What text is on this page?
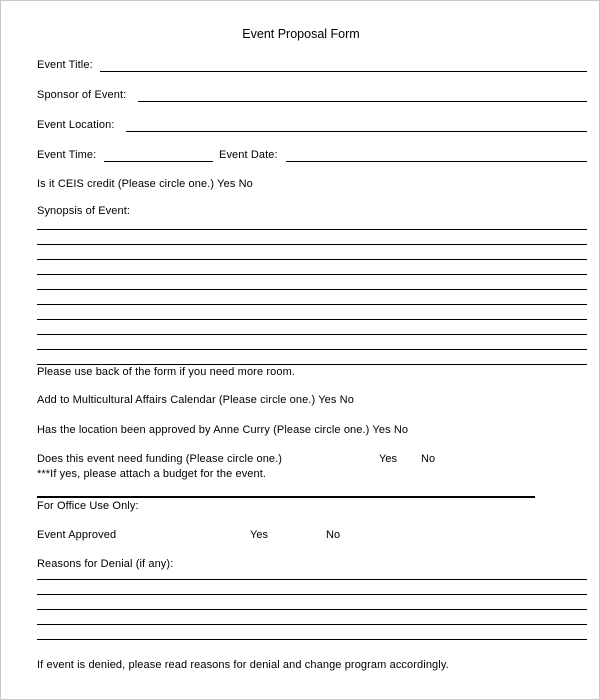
Event Proposal Form
Event Title:
Sponsor of Event:
Event Location:
Event Time:	Event Date:
Is it CEIS credit (Please circle one.) Yes No
Synopsis of Event:
Please use back of the form if you need more room.
Add to Multicultural Affairs Calendar (Please circle one.) Yes No
Has the location been approved by Anne Curry (Please circle one.) Yes No
Does this event need funding (Please circle one.)	Yes No
***If yes, please attach a budget for the event.
For Office Use Only:
Event Approved	Yes	No
Reasons for Denial (if any):
If event is denied, please read reasons for denial and change program accordingly.
